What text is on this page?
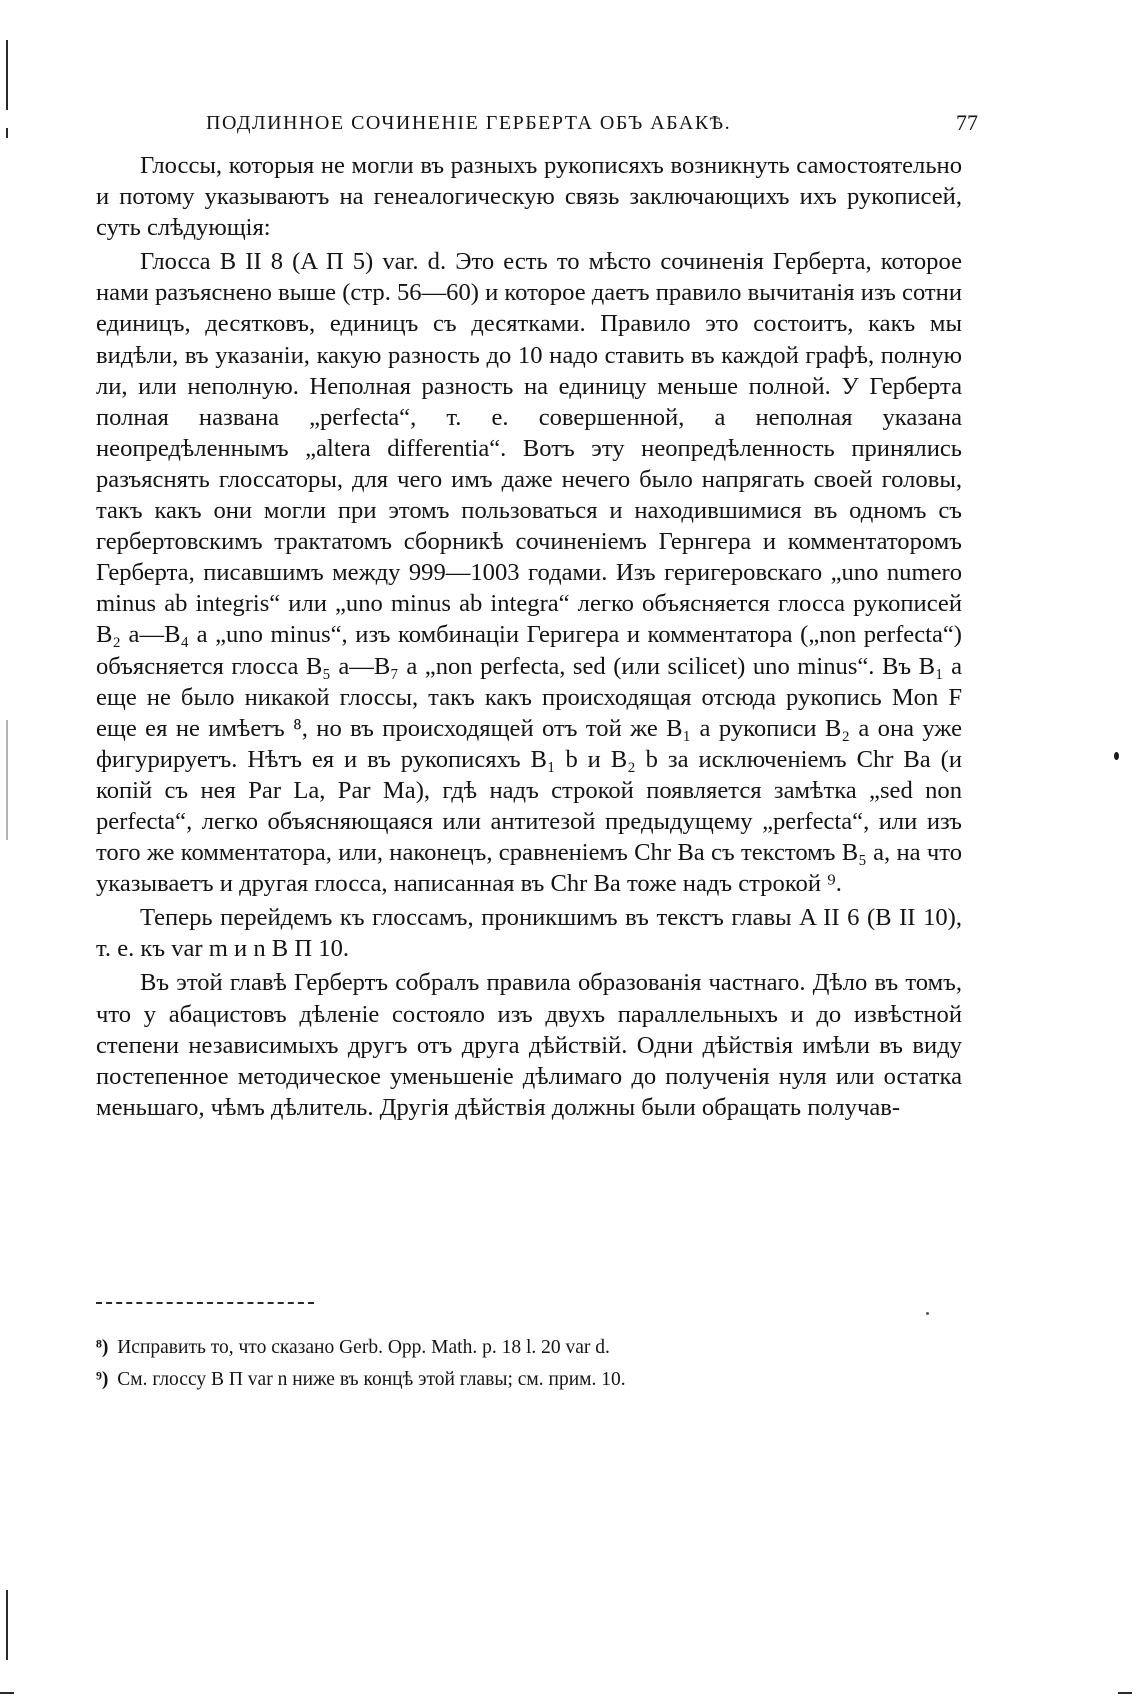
ПОДЛИННОЕ СОЧИНЕНІЕ ГЕРБЕРТА ОБЪ АБАКѢ.	77

Глоссы, которыя не могли въ разныхъ рукописяхъ возникнуть самостоятельно и потому указываютъ на генеалогическую связь заключающихъ ихъ рукописей, суть слѣдующія:

Глосса B II 8 (A П 5) var. d. Это есть то мѣсто сочиненія Герберта, которое нами разъяснено выше (стр. 56—60) и которое даетъ правило вычитанія изъ сотни единицъ, десятковъ, единицъ съ десятками. Правило это состоитъ, какъ мы видѣли, въ указаніи, какую разность до 10 надо ставить въ каждой графѣ, полную ли, или неполную. Неполная разность на единицу меньше полной. У Герберта полная названа „perfecta“, т. е. совершенной, а неполная указана неопредѣленнымъ „altera differentia“. Вотъ эту неопредѣленность принялись разъяснять глоссаторы, для чего имъ даже нечего было напрягать своей головы, такъ какъ они могли при этомъ пользоваться и находившимися въ одномъ съ гербертовскимъ трактатомъ сборникѣ сочиненіемъ Гернгера и комментаторомъ Герберта, писавшимъ между 999—1003 годами. Изъ геригеровскаго „uno numero minus ab integris“ или „uno minus ab integra“ легко объясняется глосса рукописей B₂ a—B₄ a „uno minus“, изъ комбинаціи Геригера и комментатора („non perfecta“) объясняется глосса B₅ a—B₇ a „non perfecta, sed (или scilicet) uno minus“. Въ B₁ a еще не было никакой глоссы, такъ какъ происходящая отсюда рукопись Mon F еще ея не имѣетъ ⁸, но въ происходящей отъ той же B₁ a рукописи B₂ a она уже фигурируетъ. Нѣтъ ея и въ рукописяхъ B₁ b и B₂ b за исключеніемъ Chr Ba (и копій съ нея Par La, Par Ma), гдѣ надъ строкой появляется замѣтка „sed non perfecta“, легко объясняющаяся или антитезой предыдущему „perfecta“, или изъ того же комментатора, или, наконецъ, сравненіемъ Chr Ba съ текстомъ B₅ a, на что указываетъ и другая глосса, написанная въ Chr Ba тоже надъ строкой ⁹.

Теперь перейдемъ къ глоссамъ, проникшимъ въ текстъ главы A II 6 (B II 10), т. е. къ var m и n B П 10.

Въ этой главѣ Гербертъ собралъ правила образованія частнаго. Дѣло въ томъ, что у абацистовъ дѣленіе состояло изъ двухъ параллельныхъ и до извѣстной степени независимыхъ другъ отъ друга дѣйствій. Одни дѣйствія имѣли въ виду постепенное методическое уменьшеніе дѣлимаго до полученія нуля или остатка меньшаго, чѣмъ дѣлитель. Другія дѣйствія должны были обращать получав-

⁸) Исправить то, что сказано Gerb. Opp. Math. p. 18 l. 20 var d.

⁹) См. глоссу B П var n ниже въ концѣ этой главы; см. прим. 10.
